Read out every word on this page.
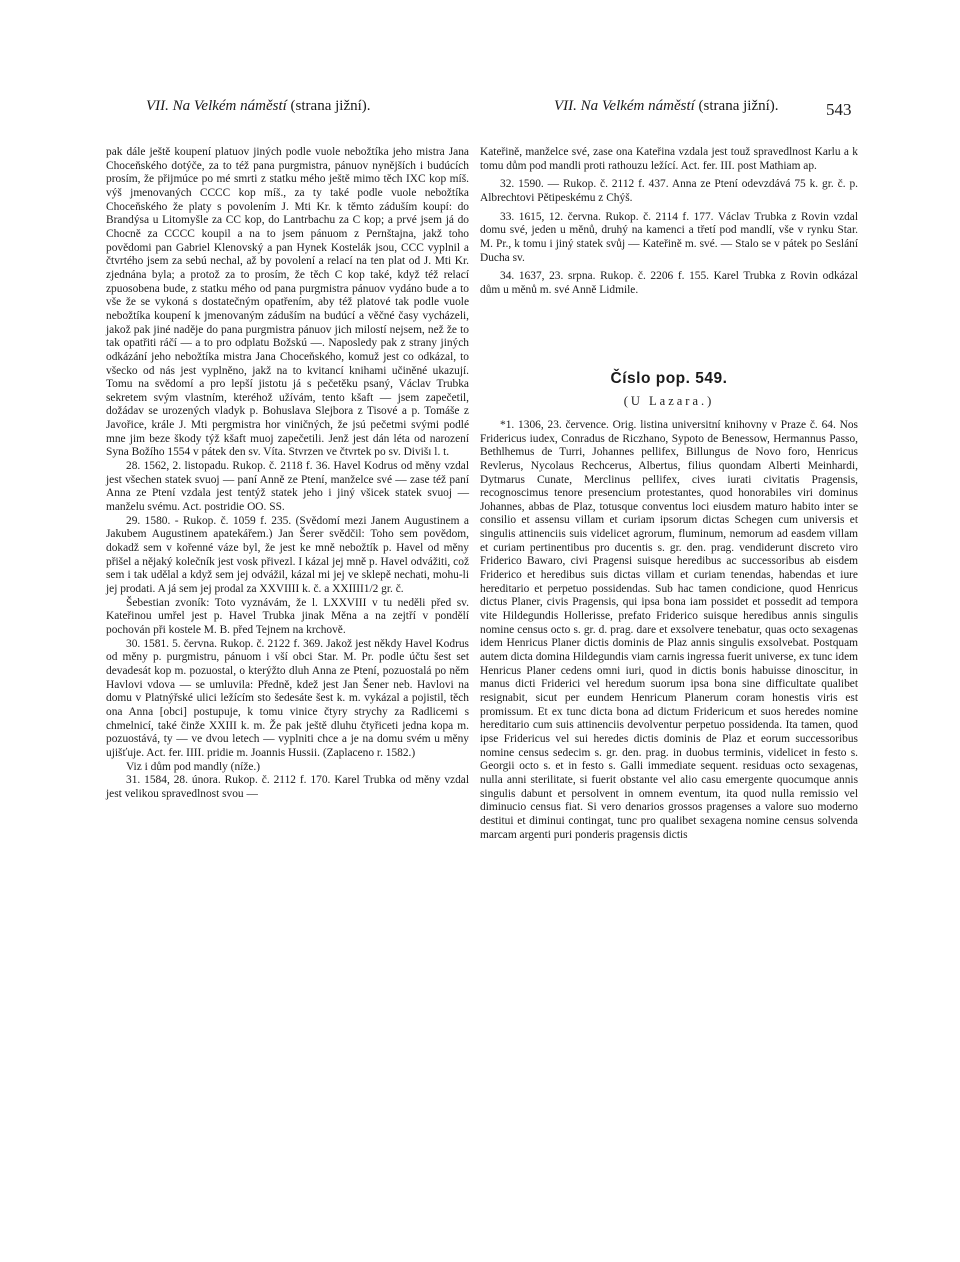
VII. Na Velkém náměstí (strana jižní).	VII. Na Velkém náměstí (strana jižní).	543

pak dále ještě koupení platuov jiných podle vuole nebožtíka jeho mistra Jana Choceňského dotýče, za to též pana purgmistra, pánuov nynějších i budúcích prosím, že přijmúce po mé smrti z statku mého ještě mimo těch IXC kop míš. výš jmenovaných CCCC kop míš., za ty také podle vuole nebožtíka Choceňského že platy s povolením J. Mti Kr. k těmto záduším koupí: do Brandýsa u Litomyšle za CC kop, do Lantrbachu za C kop; a prvé jsem já do Chocně za CCCC koupil a na to jsem pánuom z Pernštajna, jakž toho povědomi pan Gabriel Klenovský a pan Hynek Kostelák jsou, CCC vyplnil a čtvrtého jsem za sebú nechal, až by povolení a relací na ten plat od J. Mti Kr. zjednána byla; a protož za to prosím, že těch C kop také, když též relací zpuosobena bude, z statku mého od pana purgmistra pánuov vydáno bude a to vše že se vykoná s dostatečným opatřením, aby též platové tak podle vuole nebožtíka koupení k jmenovaným záduším na budúcí a věčné časy vycházeli, jakož pak jiné naděje do pana purgmistra pánuov jich milostí nejsem, než že to tak opatřiti ráčí — a to pro odplatu Božskú —. Naposledy pak z strany jiných odkázání jeho nebožtíka mistra Jana Choceňského, komuž jest co odkázal, to všecko od nás jest vyplněno, jakž na to kvitancí knihami učiněné ukazují. Tomu na svědomí a pro lepší jistotu já s pečetěku psaný, Václav Trubka sekretem svým vlastním, kteréhož užívám, tento kšaft — jsem zapečetil, dožádav se urozených vladyk p. Bohuslava Slejbora z Tisové a p. Tomáše z Javořice, krále J. Mti pergmistra hor viničných, že jsú pečetmi svými podlé mne jim beze škody týž kšaft muoj zapečetili. Jenž jest dán léta od narození Syna Božího 1554 v pátek den sv. Víta. Stvrzen ve čtvrtek po sv. Divišı l. t.

28. 1562, 2. listopadu. Rukop. č. 2118 f. 36. Havel Kodrus od měny vzdal jest všechen statek svuoj — paní Anně ze Ptení, manželce své — zase též paní Anna ze Ptení vzdala jest tentýž statek jeho i jiný všicek statek svuoj — manželu svému. Act. postridie OO. SS.

29. 1580. - Rukop. č. 1059 f. 235. (Svědomí mezi Janem Augustinem a Jakubem Augustinem apatekářem.) Jan Šerer svědčil: Toho sem povědom, dokadž sem v kořenné váze byl, že jest ke mně nebožtík p. Havel od měny přišel a nějaký kolečník jest vosk přivezl. I kázal jej mně p. Havel odvážiti, což sem i tak udělal a když sem jej odvážil, kázal mi jej ve sklepě nechati, mohu-li jej prodati. A já sem jej prodal za XXVIIII k. č. a XXIIII1/2 gr. č.

Šebestian zvoník: Toto vyznávám, že l. LXXVIII v tu neděli před sv. Kateřinou umřel jest p. Havel Trubka jinak Měna a na zejtří v pondělí pochován při kostele M. B. před Tejnem na krchově.

30. 1581. 5. června. Rukop. č. 2122 f. 369. Jakož jest někdy Havel Kodrus od měny p. purgmistru, pánuom i vší obci Star. M. Pr. podle účtu šest set devadesát kop m. pozuostal, o kterýžto dluh Anna ze Ptení, pozuostalá po něm Havlovi vdova — se umluvila: Předně, kdež jest Jan Šener neb. Havlovi na domu v Platnýřské ulici ležícím sto šedesáte šest k. m. vykázal a pojistil, těch ona Anna [obci] postupuje, k tomu vinice čtyry strychy za Radlicemi s chmelnicí, také činže XXIII k. m. Že pak ještě dluhu čtyřiceti jedna kopa m. pozuostává, ty — ve dvou letech — vyplniti chce a je na domu svém u měny ujišťuje. Act. fer. IIII. pridie m. Joannis Hussii. (Zaplaceno r. 1582.)

Viz i dům pod mandly (níže.)

31. 1584, 28. února. Rukop. č. 2112 f. 170. Karel Trubka od měny vzdal jest velikou spravedlnost svou —

Kateřině, manželce své, zase ona Kateřina vzdala jest touž spravedlnost Karlu a k tomu dům pod mandli proti rathouzu ležící. Act. fer. III. post Mathiam ap.

32. 1590. — Rukop. č. 2112 f. 437. Anna ze Ptení odevzdává 75 k. gr. č. p. Albrechtovi Pětipeskému z Chýš.

33. 1615, 12. června. Rukop. č. 2114 f. 177. Václav Trubka z Rovin vzdal domu své, jeden u měnů, druhý na kamenci a třetí pod mandlí, vše v rynku Star. M. Pr., k tomu i jiný statek svůj — Kateřině m. své. — Stalo se v pátek po Seslání Ducha sv.

34. 1637, 23. srpna. Rukop. č. 2206 f. 155. Karel Trubka z Rovin odkázal dům u měnů m. své Anně Lidmile.

Číslo pop. 549.
(U Lazara.)

*1. 1306, 23. července. Orig. listina universitní knihovny v Praze č. 64. Nos Fridericus iudex, Conradus de Riczhano, Sypoto de Benessow, Hermannus Passo, Bethlhemus de Turri, Johannes pellifex, Billungus de Novo foro, Henricus Revlerus, Nycolaus Rechcerus, Albertus, filius quondam Alberti Meinhardi, Dytmarus Cunate, Merclinus pellifex, cives iurati civitatis Pragensis, recognoscimus tenore presencium protestantes, quod honorabiles viri dominus Johannes, abbas de Plaz, totusque conventus loci eiusdem maturo habito inter se consilio et assensu villam et curiam ipsorum dictas Schegen cum universis et singulis attinenciis suis videlicet agrorum, fluminum, nemorum ad easdem villam et curiam pertinentibus pro ducentis s. gr. den. prag. vendiderunt discreto viro Friderico Bawaro, civi Pragensi suisque heredibus ac successoribus ab eisdem Friderico et heredibus suis dictas villam et curiam tenendas, habendas et iure hereditario et perpetuo possidendas. Sub hac tamen condicione, quod Henricus dictus Planer, civis Pragensis, qui ipsa bona iam possidet et possedit ad tempora vite Hildegundis Hollerisse, prefato Friderico suisque heredibus annis singulis nomine census octo s. gr. d. prag. dare et exsolvere tenebatur, quas octo sexagenas idem Henricus Planer dictis dominis de Plaz annis singulis exsolvebat. Postquam autem dicta domina Hildegundis viam carnis ingressa fuerit universe, ex tunc idem Henricus Planer cedens omni iuri, quod in dictis bonis habuisse dinoscitur, in manus dicti Friderici vel heredum suorum ipsa bona sine difficultate qualibet resignabit, sicut per eundem Henricum Planerum coram honestis viris est promissum. Et ex tunc dicta bona ad dictum Fridericum et suos heredes nomine hereditario cum suis attinenciis devolventur perpetuo possidenda. Ita tamen, quod ipse Fridericus vel sui heredes dictis dominis de Plaz et eorum successoribus nomine census sedecim s. gr. den. prag. in duobus terminis, videlicet in festo s. Georgii octo s. et in festo s. Galli immediate sequent. residuas octo sexagenas, nulla anni sterilitate, si fuerit obstante vel alio casu emergente quocumque annis singulis dabunt et persolvent in omnem eventum, ita quod nulla remissio vel diminucio census fiat. Si vero denarios grossos pragenses a valore suo moderno destitui et diminui contingat, tunc pro qualibet sexagena nomine census solvenda marcam argenti puri ponderis pragensis dictis
